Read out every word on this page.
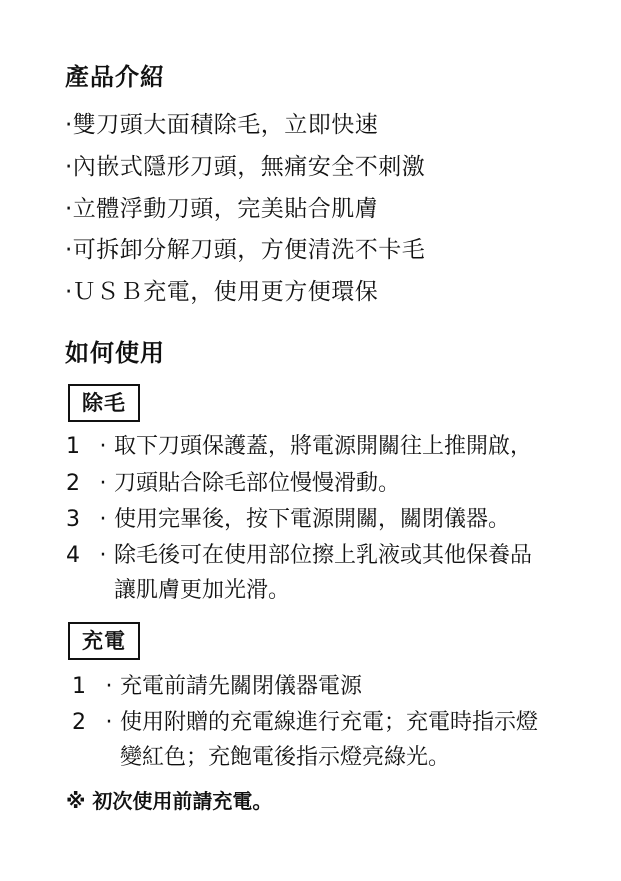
產品介紹
·雙刀頭大面積除毛，立即快速
·內嵌式隱形刀頭，無痛安全不刺激
·立體浮動刀頭，完美貼合肌膚
·可拆卸分解刀頭，方便清洗不卡毛
·ＵＳＢ充電，使用更方便環保
如何使用
除毛
1 · 取下刀頭保護蓋，將電源開關往上推開啟，
2 · 刀頭貼合除毛部位慢慢滑動。
3 · 使用完畢後，按下電源開關，關閉儀器。
4 · 除毛後可在使用部位擦上乳液或其他保養品
讓肌膚更加光滑。
充電
1 · 充電前請先關閉儀器電源
2 · 使用附贈的充電線進行充電；充電時指示燈
變紅色；充飽電後指示燈亮綠光。
※ 初次使用前請充電。
